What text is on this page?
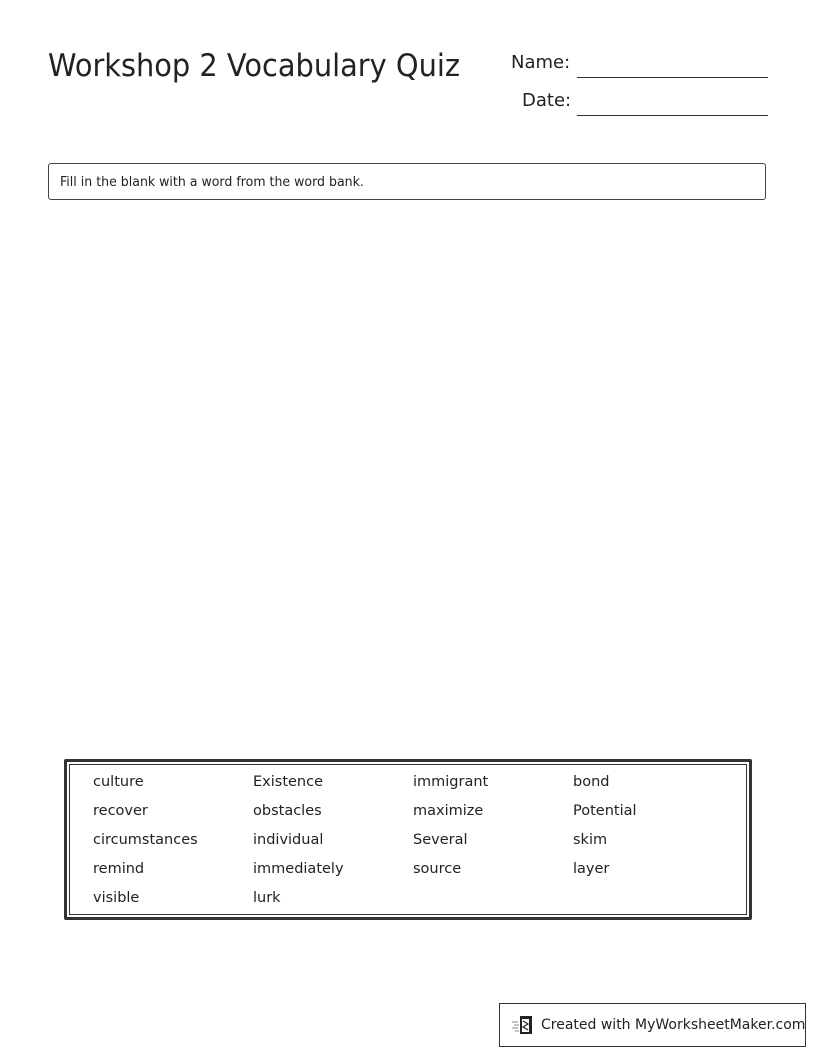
Workshop 2 Vocabulary Quiz	Name:
Date:
Fill in the blank with a word from the word bank.
culture
recover
circumstances
remind
visible
Existence
obstacles
individual
immediately
lurk
immigrant
maximize
Several
source
bond
Potential
skim
layer
Created with MyWorksheetMaker.com
